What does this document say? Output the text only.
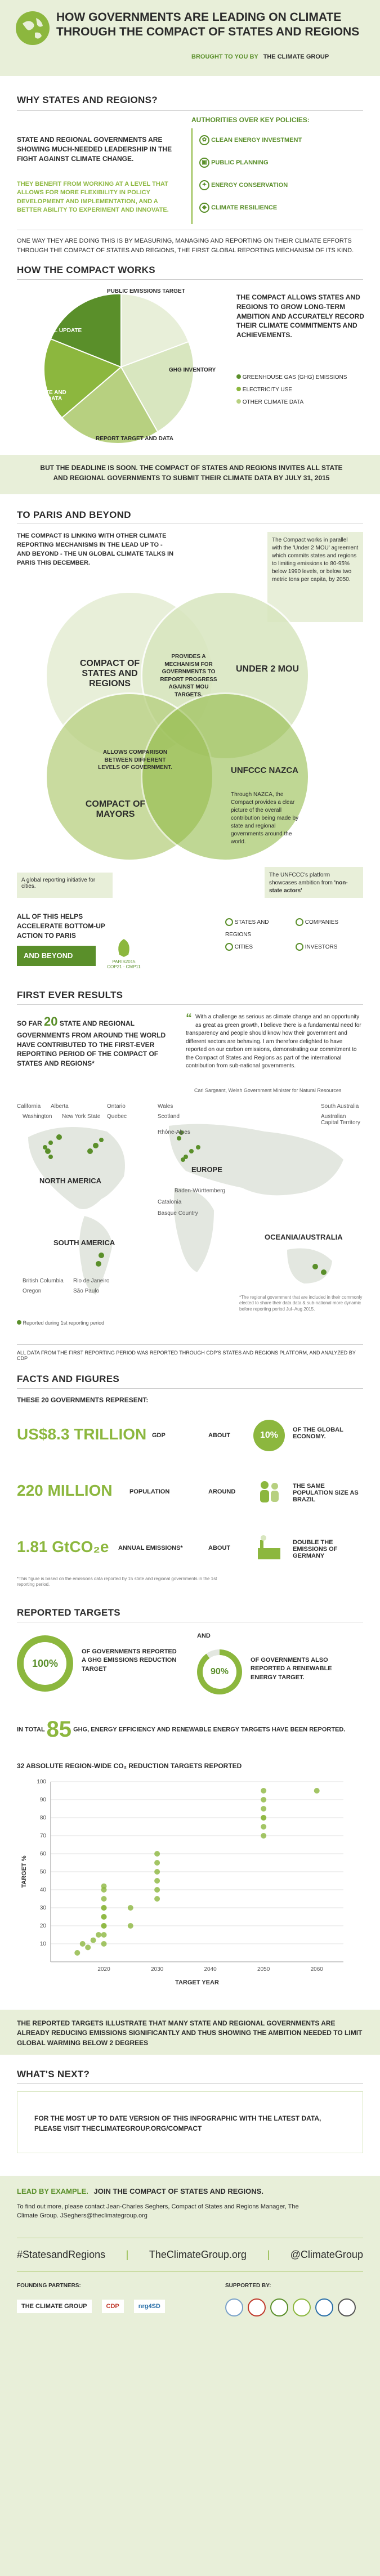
HOW GOVERNMENTS ARE LEADING ON CLIMATE
THROUGH THE COMPACT OF STATES AND REGIONS
BROUGHT TO YOU BY THE CLIMATE GROUP
WHY STATES AND REGIONS?
STATE AND REGIONAL GOVERNMENTS ARE SHOWING MUCH-NEEDED LEADERSHIP IN THE FIGHT AGAINST CLIMATE CHANGE.
THEY BENEFIT FROM WORKING AT A LEVEL THAT ALLOWS FOR MORE FLEXIBILITY IN POLICY DEVELOPMENT AND IMPLEMENTATION, AND A BETTER ABILITY TO EXPERIMENT AND INNOVATE.
AUTHORITIES OVER KEY POLICIES:
✿ CLEAN ENERGY INVESTMENT
▣ PUBLIC PLANNING
✦ ENERGY CONSERVATION
◆ CLIMATE RESILIENCE
ONE WAY THEY ARE DOING THIS IS BY MEASURING, MANAGING AND REPORTING ON THEIR CLIMATE EFFORTS THROUGH THE COMPACT OF STATES AND REGIONS, THE FIRST GLOBAL REPORTING MECHANISM OF ITS KIND.
HOW THE COMPACT WORKS
PUBLIC EMISSIONS TARGET
GHG INVENTORY
REPORT TARGET AND DATA
AGGREGATE AND DISCLOSE DATA
ANNUAL UPDATE
THE COMPACT ALLOWS STATES AND REGIONS TO GROW LONG-TERM AMBITION AND ACCURATELY RECORD THEIR CLIMATE COMMITMENTS AND ACHIEVEMENTS.
GREENHOUSE GAS (GHG) EMISSIONS
ELECTRICITY USE
OTHER CLIMATE DATA
BUT THE DEADLINE IS SOON. THE COMPACT OF STATES AND REGIONS INVITES ALL STATE AND REGIONAL GOVERNMENTS TO SUBMIT THEIR CLIMATE DATA BY JULY 31, 2015
TO PARIS AND BEYOND
THE COMPACT IS LINKING WITH OTHER CLIMATE REPORTING MECHANISMS IN THE LEAD UP TO - AND BEYOND - THE UN GLOBAL CLIMATE TALKS IN PARIS THIS DECEMBER.
The Compact works in parallel with the 'Under 2 MOU' agreement which commits states and regions to limiting emissions to 80-95% below 1990 levels, or below two metric tons per capita, by 2050.
COMPACT OF STATES AND REGIONS
UNDER 2 MOU
COMPACT OF MAYORS
UNFCCC NAZCA
Through NAZCA, the Compact provides a clear picture of the overall contribution being made by state and regional governments around the world.
PROVIDES A MECHANISM FOR GOVERNMENTS TO REPORT PROGRESS AGAINST MOU TARGETS.
ALLOWS COMPARISON BETWEEN DIFFERENT LEVELS OF GOVERNMENT.
A global reporting initiative for cities.
The UNFCCC's platform showcases ambition from 'non-state actors'
ALL OF THIS HELPS ACCELERATE BOTTOM-UP ACTION TO PARIS
AND BEYOND
PARIS2015 COP21 · CMP11
STATES AND REGIONS
COMPANIES
CITIES	INVESTORS
FIRST EVER RESULTS
SO FAR 20 STATE AND REGIONAL GOVERNMENTS FROM AROUND THE WORLD HAVE CONTRIBUTED TO THE FIRST-EVER REPORTING PERIOD OF THE COMPACT OF STATES AND REGIONS*
“ With a challenge as serious as climate change and an opportunity as great as green growth, I believe there is a fundamental need for transparency and people should know how their government and different sectors are behaving. I am therefore delighted to have reported on our carbon emissions, demonstrating our commitment to the Compact of States and Regions as part of the international contribution from sub-national governments.
Carl Sargeant, Welsh Government Minister for Natural Resources
NORTH AMERICA
EUROPE
SOUTH AMERICA
OCEANIA/AUSTRALIA
California Alberta
Washington New York State
Ontario
Quebec
Wales
Scotland
Catalonia
Rhône-Alpes
Basque Country
Baden-Württemberg
British Columbia
Oregon
Rio de Janeiro
São Paulo
South Australia
Australian Capital Territory
Reported during 1st reporting period
*The regional government that are included in their commonly elected to share their data data & sub-national more dynamic before reporting period Jul–Aug 2015.
ALL DATA FROM THE FIRST REPORTING PERIOD WAS REPORTED THROUGH CDP'S STATES AND REGIONS PLATFORM, AND ANALYZED BY CDP
FACTS AND FIGURES
THESE 20 GOVERNMENTS REPRESENT:
US$8.3 TRILLION GDP	ABOUT	10%
OF THE GLOBAL ECONOMY.
220 MILLION	POPULATION	AROUND
THE SAME POPULATION SIZE AS BRAZIL
1.81 GtCO₂e ANNUAL EMISSIONS*	ABOUT
DOUBLE THE EMISSIONS OF GERMANY
*This figure is based on the emissions data reported by 15 state and regional governments in the 1st reporting period.
REPORTED TARGETS
100%
OF GOVERNMENTS REPORTED A GHG EMISSIONS REDUCTION TARGET
AND
90%
OF GOVERNMENTS ALSO REPORTED A RENEWABLE ENERGY TARGET.
IN TOTAL 85 GHG, ENERGY EFFICIENCY AND RENEWABLE ENERGY TARGETS HAVE BEEN REPORTED.
32 ABSOLUTE REGION-WIDE CO₂ REDUCTION TARGETS REPORTED
10
20
30
40
50
60
70
80
90
100
2020	2030	2040	2050	2060
TARGET YEAR
TARGET %
THE REPORTED TARGETS ILLUSTRATE THAT MANY STATE AND REGIONAL GOVERNMENTS ARE ALREADY REDUCING EMISSIONS SIGNIFICANTLY AND THUS SHOWING THE AMBITION NEEDED TO LIMIT GLOBAL WARMING BELOW 2 DEGREES
WHAT'S NEXT?
FOR THE MOST UP TO DATE VERSION OF THIS INFOGRAPHIC WITH THE LATEST DATA, PLEASE VISIT THECLIMATEGROUP.ORG/COMPACT
LEAD BY EXAMPLE. JOIN THE COMPACT OF STATES AND REGIONS.
To find out more, please contact Jean-Charles Seghers, Compact of States and Regions Manager, The Climate Group. JSeghers@theclimategroup.org
#StatesandRegions | TheClimateGroup.org | @ClimateGroup
FOUNDING PARTNERS:	SUPPORTED BY:
THE CLIMATE GROUP	CDP	nrg4SD
